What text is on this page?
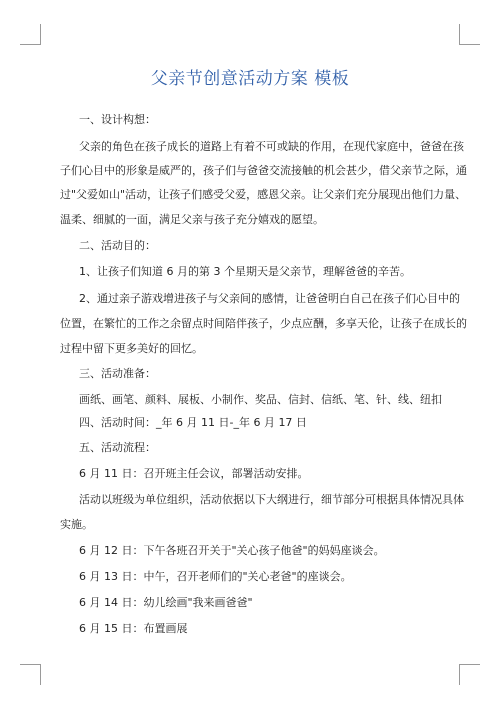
父亲节创意活动方案 模板
一、设计构想：
父亲的角色在孩子成长的道路上有着不可或缺的作用，在现代家庭中，爸爸在孩
子们心目中的形象是威严的，孩子们与爸爸交流接触的机会甚少，借父亲节之际，通
过"父爱如山"活动，让孩子们感受父爱，感恩父亲。让父亲们充分展现出他们力量、
温柔、细腻的一面，满足父亲与孩子充分嬉戏的愿望。
二、活动目的：
1、让孩子们知道 6 月的第 3 个星期天是父亲节，理解爸爸的辛苦。
2、通过亲子游戏增进孩子与父亲间的感情，让爸爸明白自己在孩子们心目中的
位置，在繁忙的工作之余留点时间陪伴孩子，少点应酬，多享天伦，让孩子在成长的
过程中留下更多美好的回忆。
三、活动准备：
画纸、画笔、颜料、展板、小制作、奖品、信封、信纸、笔、针、线、纽扣
四、活动时间：_年 6 月 11 日-_年 6 月 17 日
五、活动流程：
6 月 11 日：召开班主任会议，部署活动安排。
活动以班级为单位组织，活动依据以下大纲进行，细节部分可根据具体情况具体
实施。
6 月 12 日：下午各班召开关于"关心孩子他爸"的妈妈座谈会。
6 月 13 日：中午，召开老师们的"关心老爸"的座谈会。
6 月 14 日：幼儿绘画"我来画爸爸"
6 月 15 日：布置画展
